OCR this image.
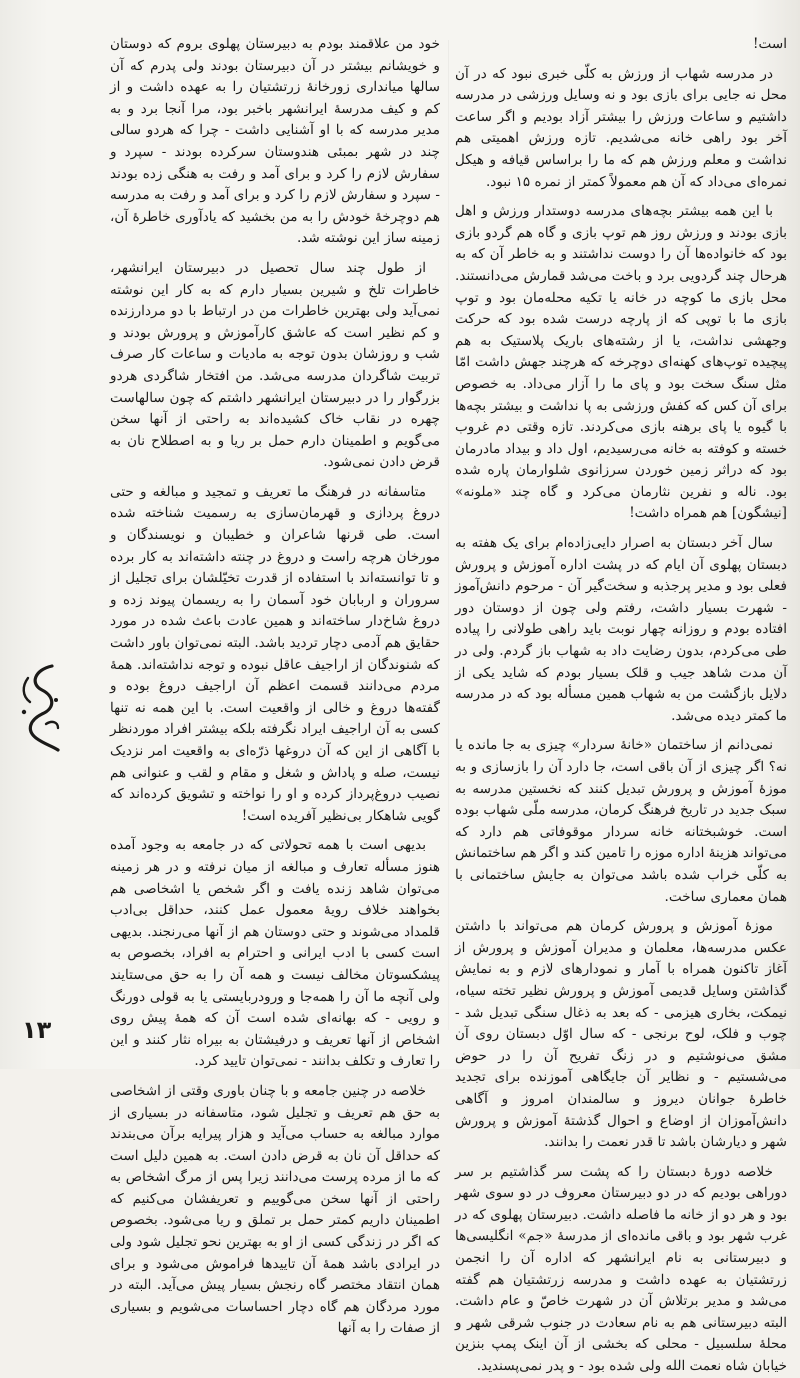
است!

در مدرسه شهاب از ورزش به کلّی خبری نبود که در آن محل نه جایی برای بازی بود و نه وسایل ورزشی در مدرسه داشتیم و ساعات ورزش را بیشتر آزاد بودیم و اگر ساعت آخر بود راهی خانه می‌شدیم. تازه ورزش اهمیتی هم نداشت و معلم ورزش هم که ما را براساس قیافه و هیکل نمره‌ای می‌داد که آن هم معمولاً کمتر از نمره ۱۵ نبود.

با این همه بیشتر بچه‌های مدرسه دوستدار ورزش و اهل بازی بودند و ورزش روز هم توپ بازی و گاه هم گردو بازی بود که خانواده‌ها آن را دوست نداشتند و به خاطر آن که به هرحال چند گردویی برد و باخت می‌شد قمارش می‌دانستند. محل بازی ما کوچه در خانه یا تکیه محله‌مان بود و توپ بازی ما با توپی که از پارچه درست شده بود که حرکت وجهشی نداشت، یا از رشته‌های باریک پلاستیک به هم پیچیده توپ‌های کهنه‌ای دوچرخه که هرچند جهش داشت امّا مثل سنگ سخت بود و پای ما را آزار می‌داد. به خصوص برای آن کس که کفش ورزشی به پا نداشت و بیشتر بچه‌ها با گیوه یا پای برهنه بازی می‌کردند. تازه وقتی دم غروب خسته و کوفته به خانه می‌رسیدیم، اول داد و بیداد مادرمان بود که دراثر زمین خوردن سرزانوی شلوارمان پاره شده بود. ناله و نفرین نثارمان می‌کرد و گاه چند «ملونه» [نیشگون] هم همراه داشت!

سال آخر دبستان به اصرار دایی‌زاده‌ام برای یک هفته به دبستان پهلوی آن ایام که در پشت اداره آموزش و پرورش فعلی بود و مدیر پرجذبه و سخت‌گیر آن - مرحوم دانش‌آموز - شهرت بسیار داشت، رفتم ولی چون از دوستان دور افتاده بودم و روزانه چهار نوبت باید راهی طولانی را پیاده طی می‌کردم، بدون رضایت داد به شهاب باز گردم. ولی در آن مدت شاهد جیب و قلک بسیار بودم که شاید یکی از دلایل بازگشت من به شهاب همین مسأله بود که در مدرسه ما کمتر دیده می‌شد.

نمی‌دانم از ساختمان «خانهٔ سردار» چیزی به جا مانده یا نه؟ اگر چیزی از آن باقی است، جا دارد آن را بازسازی و به موزهٔ آموزش و پرورش تبدیل کنند که نخستین مدرسه به سبک جدید در تاریخ فرهنگ کرمان، مدرسه ملّی شهاب بوده است. خوشبختانه خانه سردار موقوفاتی هم دارد که می‌تواند هزینهٔ اداره موزه را تامین کند و اگر هم ساختمانش به کلّی خراب شده باشد می‌توان به جایش ساختمانی با همان معماری ساخت.

موزهٔ آموزش و پرورش کرمان هم می‌تواند با داشتن عکس مدرسه‌ها، معلمان و مدیران آموزش و پرورش از آغاز تاکنون همراه با آمار و نمودارهای لازم و به نمایش گذاشتن وسایل قدیمی آموزش و پرورش نظیر تخته سیاه، نیمکت، بخاری هیزمی - که بعد به ذغال سنگی تبدیل شد - چوب و فلک، لوح برنجی - که سال اوّل دبستان روی آن مشق می‌نوشتیم و در زنگ تفریح آن را در حوض می‌شستیم - و نظایر آن جایگاهی آموزنده برای تجدید خاطرهٔ جوانان دیروز و سالمندان امروز و آگاهی دانش‌آموزان از اوضاع و احوال گذشتهٔ آموزش و پرورش شهر و دیارشان باشد تا قدر نعمت را بدانند.

خلاصه دورهٔ دبستان را که پشت سر گذاشتیم بر سر دوراهی بودیم که در دو دبیرستان معروف در دو سوی شهر بود و هر دو از خانه ما فاصله داشت. دبیرستان پهلوی که در غرب شهر بود و باقی مانده‌ای از مدرسهٔ «جم» انگلیسی‌ها و دبیرستانی به نام ایرانشهر که اداره آن را انجمن زرتشتیان به عهده داشت و مدرسه زرتشتیان هم گفته می‌شد و مدیر برتلاش آن در شهرت خاصّ و عام داشت. البته دبیرستانی هم به نام سعادت در جنوب شرقی شهر و محلهٔ سلسبیل - محلی که بخشی از آن اینک پمپ بنزین خیابان شاه نعمت الله ولی شده بود - و پدر نمی‌پسندید.

خود من علاقمند بودم به دبیرستان پهلوی بروم که دوستان و خویشانم بیشتر در آن دبیرستان بودند ولی پدرم که آن سالها میانداری زورخانهٔ زرتشتیان را به عهده داشت و از کم و کیف مدرسهٔ ایرانشهر باخبر بود، مرا آنجا برد و به مدیر مدرسه که با او آشنایی داشت - چرا که هردو سالی چند در شهر بمبئی هندوستان سرکرده بودند - سپرد و سفارش لازم را کرد و برای آمد و رفت به هنگی زده بودند - سپرد و سفارش لازم را کرد و برای آمد و رفت به مدرسه هم دوچرخهٔ خودش را به من بخشید که یادآوری خاطرهٔ آن، زمینه ساز این نوشته شد.

از طول چند سال تحصیل در دبیرستان ایرانشهر، خاطرات تلخ و شیرین بسیار دارم که به کار این نوشته نمی‌آید ولی بهترین خاطرات من در ارتباط با دو مردارزنده و کم نظیر است که عاشق کارآموزش و پرورش بودند و شب و روزشان بدون توجه به ماديات و ساعات کار صرف تربیت شاگردان مدرسه می‌شد. من افتخار شاگردی هردو بزرگوار را در دبیرستان ایرانشهر داشتم که چون سالهاست چهره در نقاب خاک کشیده‌اند به راحتی از آنها سخن می‌گویم و اطمینان دارم حمل بر ریا و به اصطلاح نان به قرض دادن نمی‌شود.

متاسفانه در فرهنگ ما تعریف و تمجید و مبالغه و حتی دروغ پردازی و قهرمان‌سازی به رسمیت شناخته شده است. طی قرنها شاعران و خطیبان و نویسندگان و مورخان هرچه راست و دروغ در چنته داشته‌اند به کار برده و تا توانسته‌اند با استفاده از قدرت تخیّلشان برای تجلیل از سروران و اربابان خود آسمان را به ریسمان پیوند زده و دروغ شاخ‌دار ساخته‌اند و همین عادت باعث شده در مورد حقایق هم آدمی دچار تردید باشد. البته نمی‌توان باور داشت که شنوندگان از اراجیف عاقل نبوده و توجه نداشته‌اند. همهٔ مردم می‌دانند قسمت اعظم آن اراجیف دروغ بوده و گفته‌ها دروغ و خالی از واقعیت است. با این همه نه تنها کسی به آن اراجیف ایراد نگرفته بلکه بیشتر افراد موردنظر با آگاهی از این که آن دروغها ذرّه‌ای به واقعیت امر نزدیک نیست، صله و پاداش و شغل و مقام و لقب و عنوانی هم نصیب دروغ‌پرداز کرده و او را نواخته و تشویق کرده‌اند که گویی شاهکار بی‌نظیر آفریده است!

بدیهی است با همه تحولاتی که در جامعه به وجود آمده هنوز مسأله تعارف و مبالغه از میان نرفته و در هر زمینه می‌توان شاهد زنده یافت و اگر شخص یا اشخاصی هم بخواهند خلاف رویهٔ معمول عمل کنند، حداقل بی‌ادب قلمداد می‌شوند و حتی دوستان هم از آنها می‌رنجند. بدیهی است کسی با ادب ایرانی و احترام به افراد، بخصوص به پیشکسوتان مخالف نیست و همه آن را به حق می‌ستایند ولی آنچه ما آن را همه‌جا و ورودربایستی یا به قولی دورنگ و رویی - که بهانه‌ای شده است آن که همهٔ پیش روی اشخاص از آنها تعریف و درفیشتان به بیراه نثار کنند و این را تعارف و تکلف بدانند - نمی‌توان تایید کرد.

خلاصه در چنین جامعه و با چنان باوری وقتی از اشخاصی به حق هم تعریف و تجلیل شود، متاسفانه در بسیاری از موارد مبالغه به حساب می‌آید و هزار پیرایه برآن می‌بندند که حداقل آن نان به قرض دادن است. به همین دلیل است که ما از مرده پرست می‌دانند زیرا پس از مرگ اشخاص به راحتی از آنها سخن می‌گوییم و تعریفشان می‌کنیم که اطمینان داریم کمتر حمل بر تملق و ریا می‌شود. بخصوص که اگر در زندگی کسی از او به بهترین نحو تجلیل شود ولی در ایرادی باشد همهٔ آن تاییدها فراموش می‌شود و برای همان انتقاد مختصر گاه رنجش بسیار پیش می‌آید. البته در مورد مردگان هم گاه دچار احساسات می‌شویم و بسیاری از صفات را به آنها

۱۳
